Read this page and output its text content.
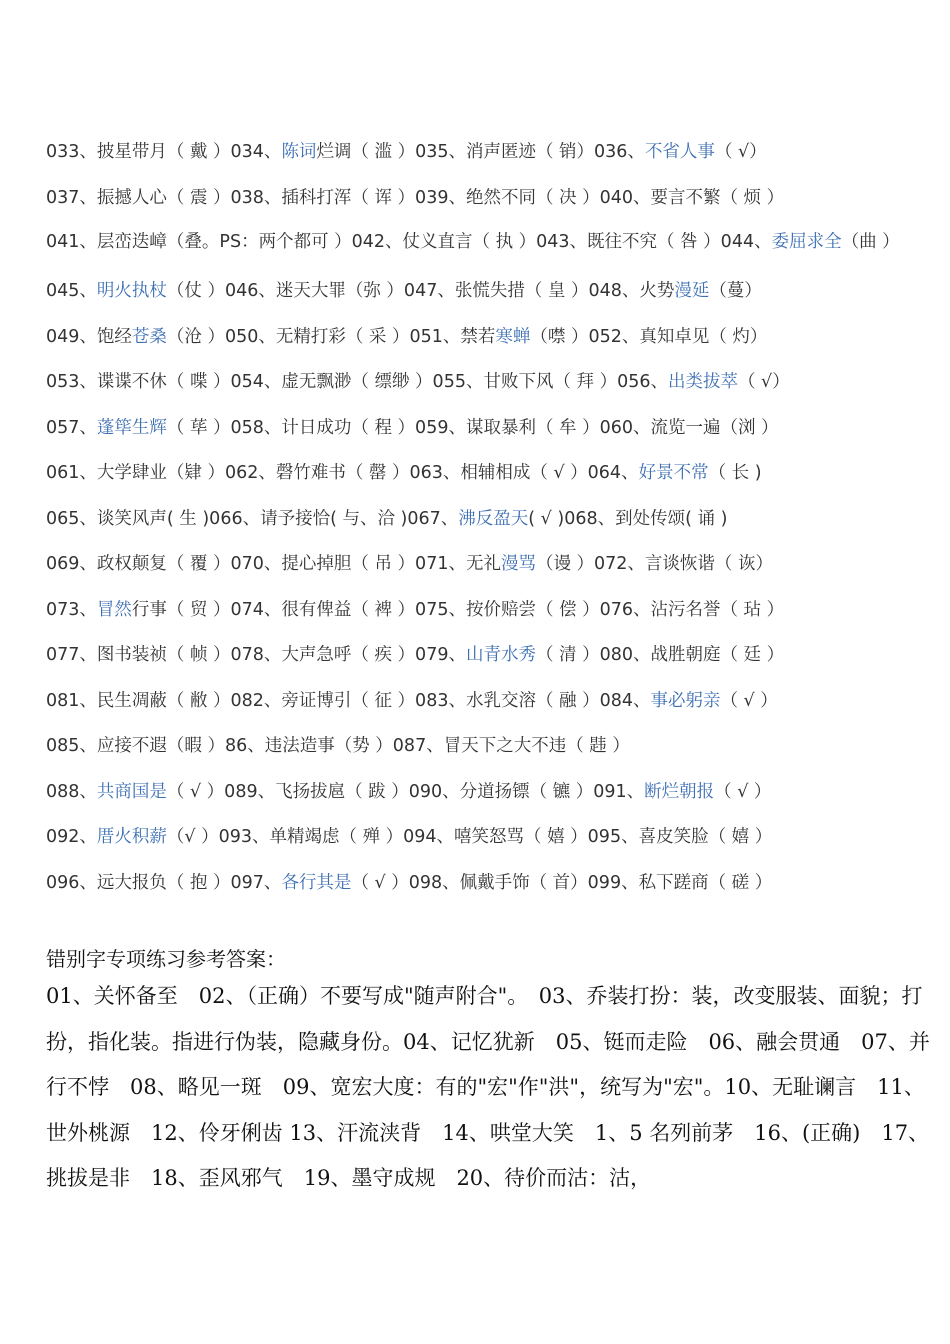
033、披星带月（ 戴 ）034、陈词烂调（ 滥 ）035、消声匿迹（ 销）036、不省人事（ √）
037、振撼人心（ 震 ）038、插科打浑（ 诨 ）039、绝然不同（ 决 ）040、要言不繁（ 烦 ）
041、层峦迭嶂（叠。PS：两个都可 ）042、仗义直言（ 执 ）043、既往不究（ 咎 ）044、委屈求全（曲 ）
045、明火执杖（仗 ）046、迷天大罪（弥 ）047、张慌失措（ 皇 ）048、火势漫延（蔓）
049、饱经苍桑（沧 ）050、无精打彩（ 采 ）051、禁若寒蝉（噤 ）052、真知卓见（ 灼）
053、谍谍不休（ 喋 ）054、虚无飘渺（ 缥缈 ）055、甘败下风（ 拜 ）056、出类拔萃（ √）
057、蓬筚生辉（ 荜 ）058、计日成功（ 程 ）059、谋取暴利（ 牟 ）060、流览一遍（浏 ）
061、大学肆业（肄 ）062、磬竹难书（ 罄 ）063、相辅相成（ √ ）064、好景不常（ 长 )
065、谈笑风声( 生 )066、请予接恰( 与、洽 )067、沸反盈天( √ )068、到处传颂( 诵 )
069、政权颠复（ 覆 ）070、提心掉胆（ 吊 ）071、无礼漫骂（谩 ）072、言谈恢谐（ 诙）
073、冒然行事（ 贸 ）074、很有俾益（ 裨 ）075、按价赔尝（ 偿 ）076、沾污名誉（ 玷 ）
077、图书装祯（ 帧 ）078、大声急呼（ 疾 ）079、山青水秀（ 清 ）080、战胜朝庭（ 廷 ）
081、民生凋蔽（ 敝 ）082、旁证博引（ 征 ）083、水乳交溶（ 融 ）084、事必躬亲（ √ ）
085、应接不遐（暇 ）86、违法造事（势 ）087、冒天下之大不违（ 韪 ）
088、共商国是（ √ ）089、飞扬拔扈（ 跋 ）090、分道扬镖（ 镳 ）091、断烂朝报（ √ ）
092、厝火积薪（√ ）093、单精竭虑（ 殚 ）094、嘻笑怒骂（ 嬉 ）095、喜皮笑脸（ 嬉 ）
096、远大报负（ 抱 ）097、各行其是（ √ ）098、佩戴手饰（ 首）099、私下蹉商（ 磋 ）
错别字专项练习参考答案：
01、关怀备至　02、（正确）不要写成"随声附合"。　03、乔装打扮：装，改变服装、面貌；打扮，指化装。指进行伪装，隐藏身份。04、记忆犹新　05、铤而走险　06、融会贯通　07、并行不悖　08、略见一斑　09、宽宏大度：有的"宏"作"洪"，统写为"宏"。10、无耻谰言　11、世外桃源　12、伶牙俐齿 13、汗流浃背　14、哄堂大笑　1、5 名列前茅　16、(正确)　17、挑拔是非　18、歪风邪气　19、墨守成规　20、待价而沽：沽，
